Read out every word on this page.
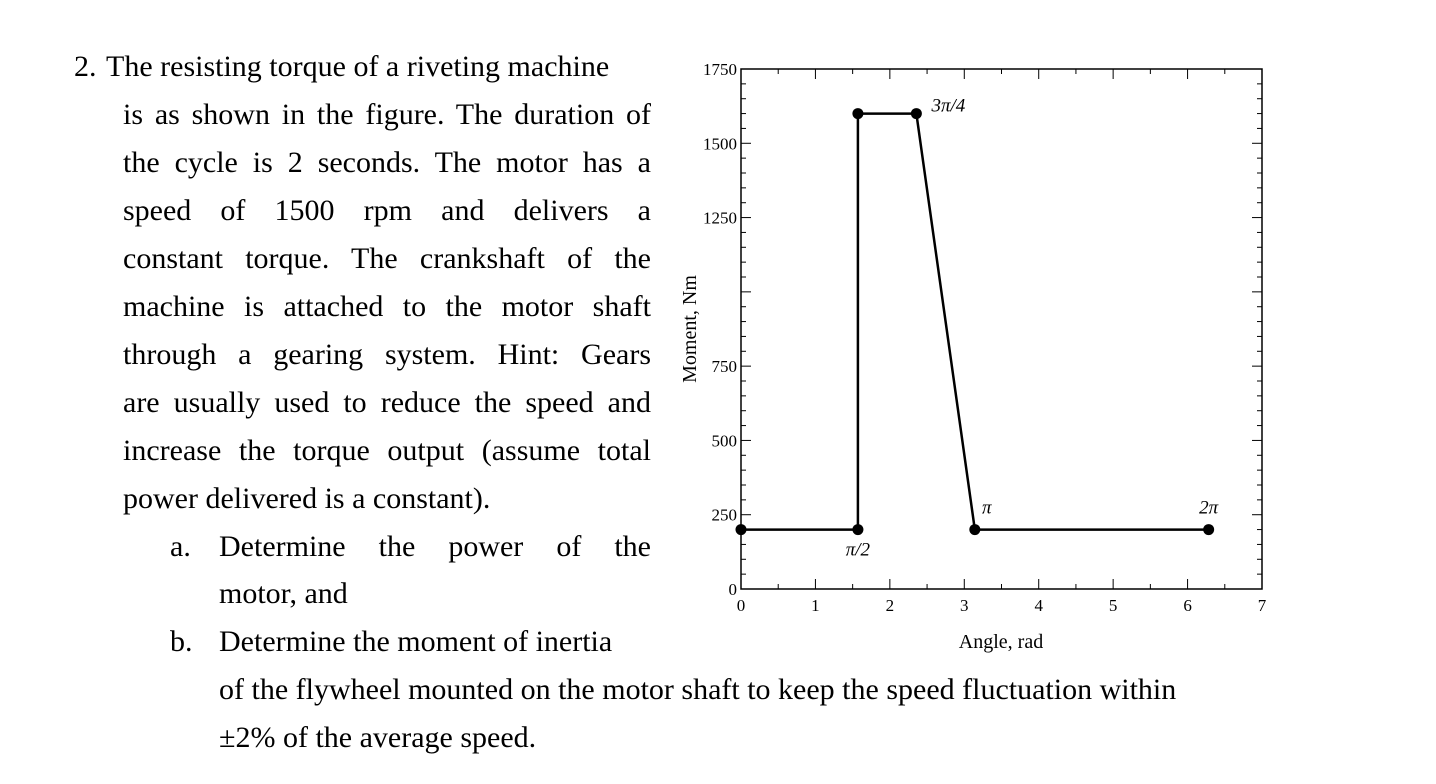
2. The resisting torque of a riveting machine
is as shown in the figure. The duration of
the cycle is 2 seconds. The motor has a
speed of 1500 rpm and delivers a
constant torque. The crankshaft of the
machine is attached to the motor shaft
through a gearing system. Hint: Gears
are usually used to reduce the speed and
increase the torque output (assume total
power delivered is a constant).
a. Determine the power of the
motor, and
b. Determine the moment of inertia
of the flywheel mounted on the motor shaft to keep the speed fluctuation within
±2% of the average speed.
0	1	2	3	4	5	6	7
0
250
500
750
1250
1500
1750
π/2
3π/4
π	2π
Angle, rad
Moment, Nm
